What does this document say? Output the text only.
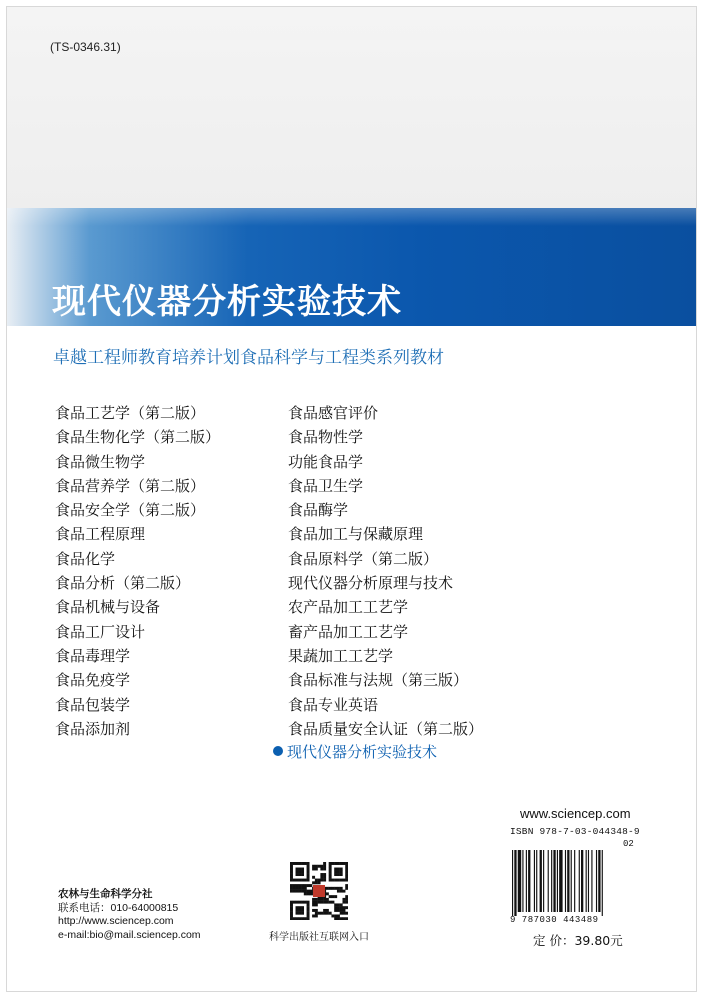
(TS-0346.31)
现代仪器分析实验技术
卓越工程师教育培养计划食品科学与工程类系列教材
食品工艺学（第二版）
食品生物化学（第二版）
食品微生物学
食品营养学（第二版）
食品安全学（第二版）
食品工程原理
食品化学
食品分析（第二版）
食品机械与设备
食品工厂设计
食品毒理学
食品免疫学
食品包装学
食品添加剂
食品感官评价
食品物性学
功能食品学
食品卫生学
食品酶学
食品加工与保藏原理
食品原料学（第二版）
现代仪器分析原理与技术
农产品加工工艺学
畜产品加工工艺学
果蔬加工工艺学
食品标准与法规（第三版）
食品专业英语
食品质量安全认证（第二版）
现代仪器分析实验技术
www.sciencep.com
ISBN 978-7-03-044348-9
02
9 787030 443489
定 价：39.80元
农林与生命科学分社
联系电话：010-64000815
http://www.sciencep.com
e-mail:bio@mail.sciencep.com	科学出版社互联网入口
